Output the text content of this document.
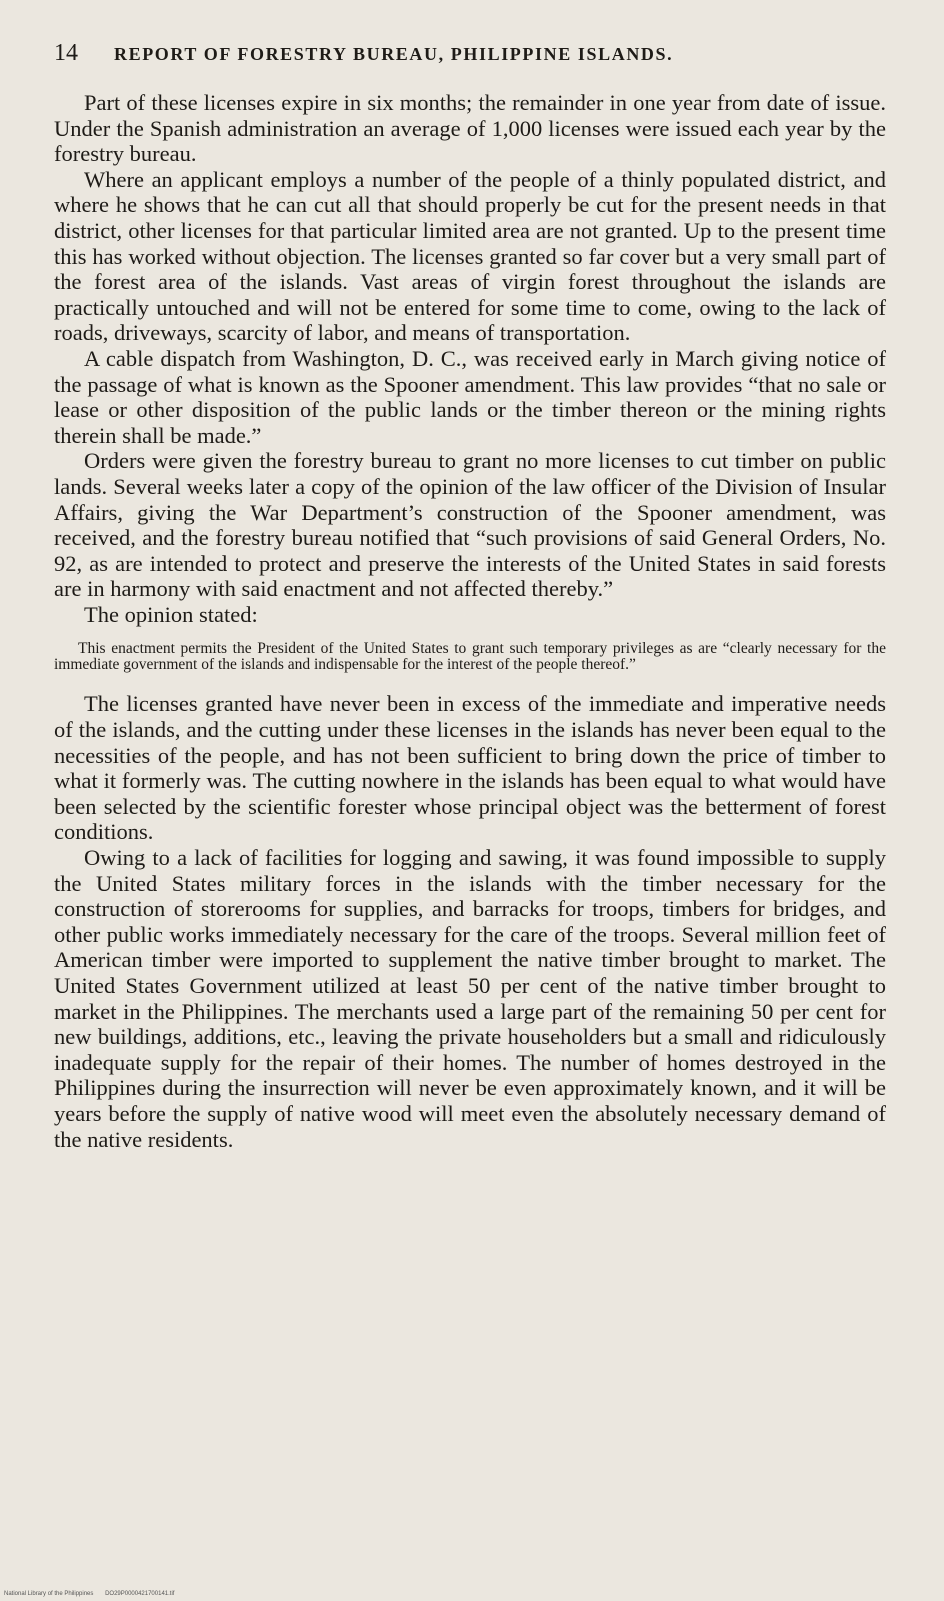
14 REPORT OF FORESTRY BUREAU, PHILIPPINE ISLANDS.

Part of these licenses expire in six months; the remainder in one year from date of issue. Under the Spanish administration an average of 1,000 licenses were issued each year by the forestry bureau.

Where an applicant employs a number of the people of a thinly populated district, and where he shows that he can cut all that should properly be cut for the present needs in that district, other licenses for that particular limited area are not granted. Up to the present time this has worked without objection. The licenses granted so far cover but a very small part of the forest area of the islands. Vast areas of virgin forest throughout the islands are practically untouched and will not be entered for some time to come, owing to the lack of roads, driveways, scarcity of labor, and means of transportation.

A cable dispatch from Washington, D. C., was received early in March giving notice of the passage of what is known as the Spooner amendment. This law provides “that no sale or lease or other disposition of the public lands or the timber thereon or the mining rights therein shall be made.”

Orders were given the forestry bureau to grant no more licenses to cut timber on public lands. Several weeks later a copy of the opinion of the law officer of the Division of Insular Affairs, giving the War Department’s construction of the Spooner amendment, was received, and the forestry bureau notified that “such provisions of said General Orders, No. 92, as are intended to protect and preserve the interests of the United States in said forests are in harmony with said enactment and not affected thereby.”

The opinion stated:

This enactment permits the President of the United States to grant such temporary privileges as are “clearly necessary for the immediate government of the islands and indispensable for the interest of the people thereof.”

The licenses granted have never been in excess of the immediate and imperative needs of the islands, and the cutting under these licenses in the islands has never been equal to the necessities of the people, and has not been sufficient to bring down the price of timber to what it formerly was. The cutting nowhere in the islands has been equal to what would have been selected by the scientific forester whose principal object was the betterment of forest conditions.

Owing to a lack of facilities for logging and sawing, it was found impossible to supply the United States military forces in the islands with the timber necessary for the construction of storerooms for supplies, and barracks for troops, timbers for bridges, and other public works immediately necessary for the care of the troops. Several million feet of American timber were imported to supplement the native timber brought to market. The United States Government utilized at least 50 per cent of the native timber brought to market in the Philippines. The merchants used a large part of the remaining 50 per cent for new buildings, additions, etc., leaving the private householders but a small and ridiculously inadequate supply for the repair of their homes. The number of homes destroyed in the Philippines during the insurrection will never be even approximately known, and it will be years before the supply of native wood will meet even the absolutely necessary demand of the native residents.

National Library of the Philippines DO29P0000421700141.tif
